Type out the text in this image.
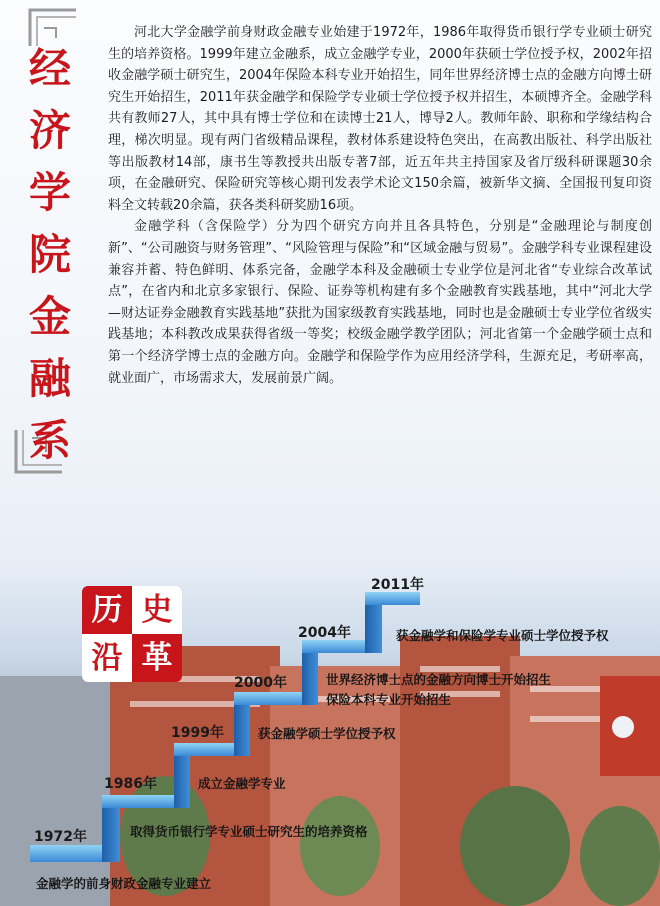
经
济
学
院
金
融
系

河北大学金融学前身财政金融专业始建于1972年，1986年取得货币银行学专业硕士研究生的培养资格。1999年建立金融系，成立金融学专业，2000年获硕士学位授予权，2002年招收金融学硕士研究生，2004年保险本科专业开始招生，同年世界经济博士点的金融方向博士研究生开始招生，2011年获金融学和保险学专业硕士学位授予权并招生，本硕博齐全。金融学科共有教师27人，其中具有博士学位和在读博士21人，博导2人。教师年龄、职称和学缘结构合理，梯次明显。现有两门省级精品课程，教材体系建设特色突出，在高教出版社、科学出版社等出版教材14部，康书生等教授共出版专著7部，近五年共主持国家及省厅级科研课题30余项，在金融研究、保险研究等核心期刊发表学术论文150余篇，被新华文摘、全国报刊复印资料全文转载20余篇，获各类科研奖励16项。

金融学科（含保险学）分为四个研究方向并且各具特色，分别是“金融理论与制度创新”、“公司融资与财务管理”、“风险管理与保险”和“区域金融与贸易”。金融学科专业课程建设兼容并蓄、特色鲜明、体系完备，金融学本科及金融硕士专业学位是河北省“专业综合改革试点”，在省内和北京多家银行、保险、证券等机构建有多个金融教育实践基地，其中“河北大学—财达证券金融教育实践基地”获批为国家级教育实践基地，同时也是金融硕士专业学位省级实践基地；本科教改成果获得省级一等奖；校级金融学教学团队；河北省第一个金融学硕士点和第一个经济学博士点的金融方向。金融学和保险学作为应用经济学科，生源充足，考研率高，就业面广，市场需求大，发展前景广阔。

历 史
沿 革
1972年
1986年
1999年
2000年
2004年
2011年
金融学的前身财政金融专业建立
取得货币银行学专业硕士研究生的培养资格
成立金融学专业
获金融学硕士学位授予权
世界经济博士点的金融方向博士开始招生
保险本科专业开始招生
获金融学和保险学专业硕士学位授予权
